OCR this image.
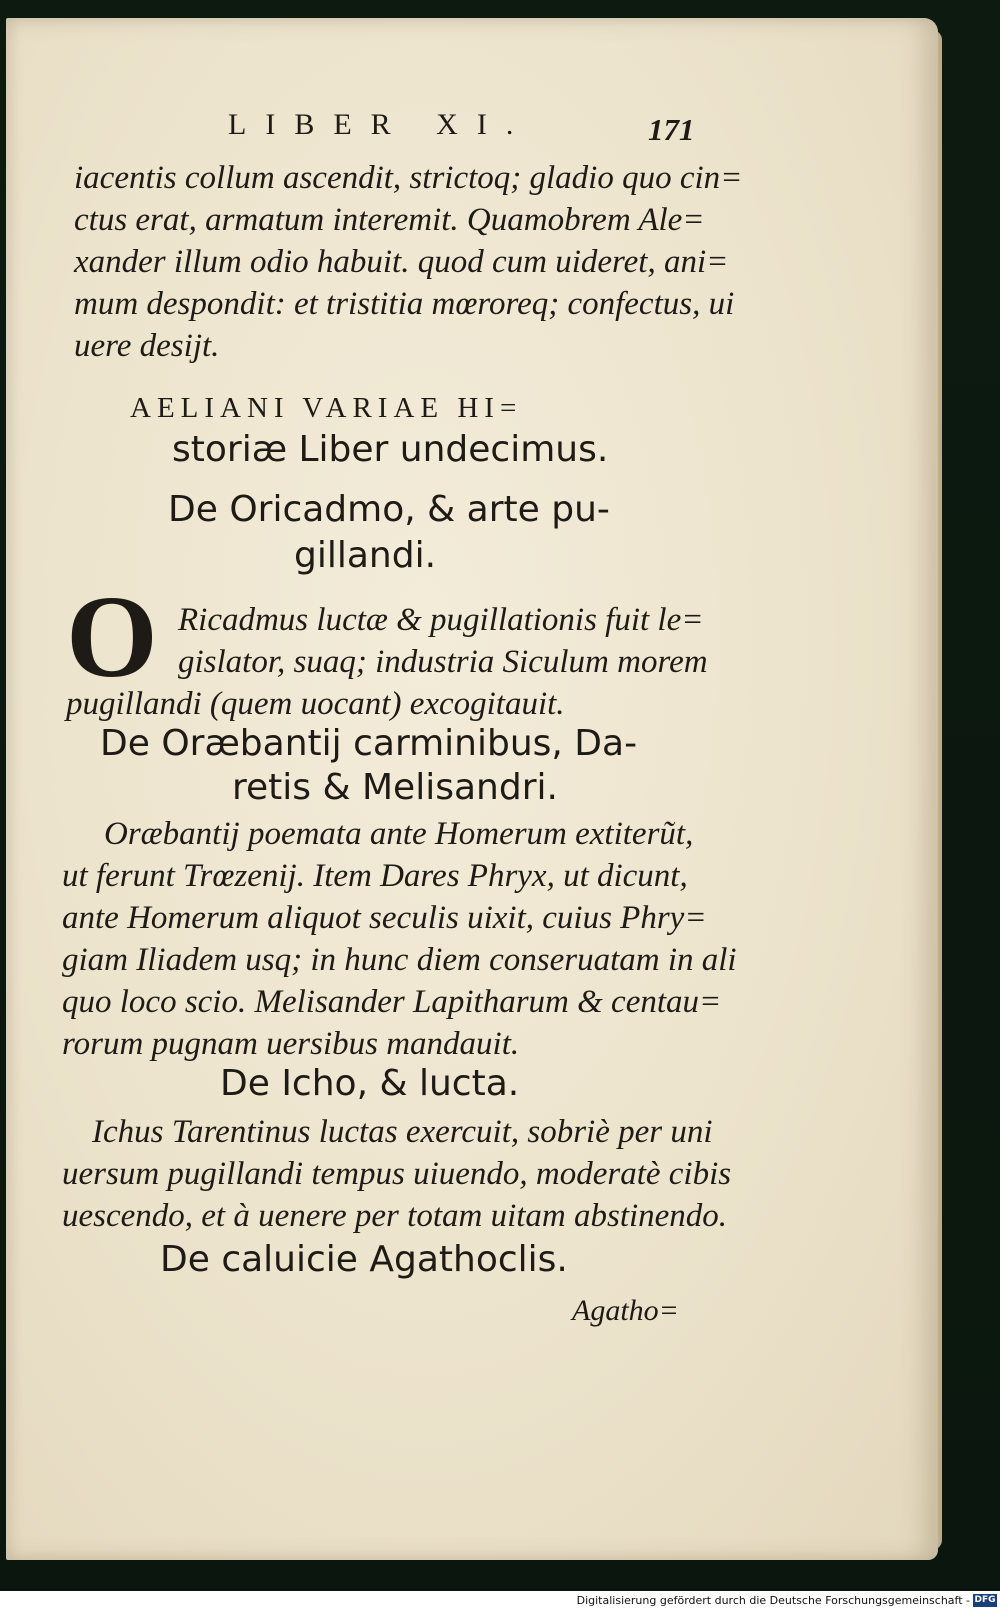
LIBER XI.	171
iacentis collum ascendit, strictoq; gladio quo cin=
ctus erat, armatum interemit. Quamobrem Ale=
xander illum odio habuit. quod cum uideret, ani=
mum despondit: et tristitia mœroreq; confectus, ui
uere desijt.
AELIANI VARIAE HI=
storiæ Liber undecimus.
De Oricadmo, & arte pu-
gillandi.
O Ricadmus luctæ & pugillationis fuit le=
gislator, suaq; industria Siculum morem
pugillandi (quem uocant) excogitauit.
De Oræbantij carminibus, Da-
retis & Melisandri.
Oræbantij poemata ante Homerum extiterũt,
ut ferunt Trœzenij. Item Dares Phryx, ut dicunt,
ante Homerum aliquot seculis uixit, cuius Phry=
giam Iliadem usq; in hunc diem conseruatam in ali
quo loco scio. Melisander Lapitharum & centau=
rorum pugnam uersibus mandauit.
De Icho, & lucta.
Ichus Tarentinus luctas exercuit, sobriè per uni
uersum pugillandi tempus uiuendo, moderatè cibis
uescendo, et à uenere per totam uitam abstinendo.
De caluicie Agathoclis.
Agatho=
Digitalisierung gefördert durch die Deutsche Forschungsgemeinschaft - DFG
